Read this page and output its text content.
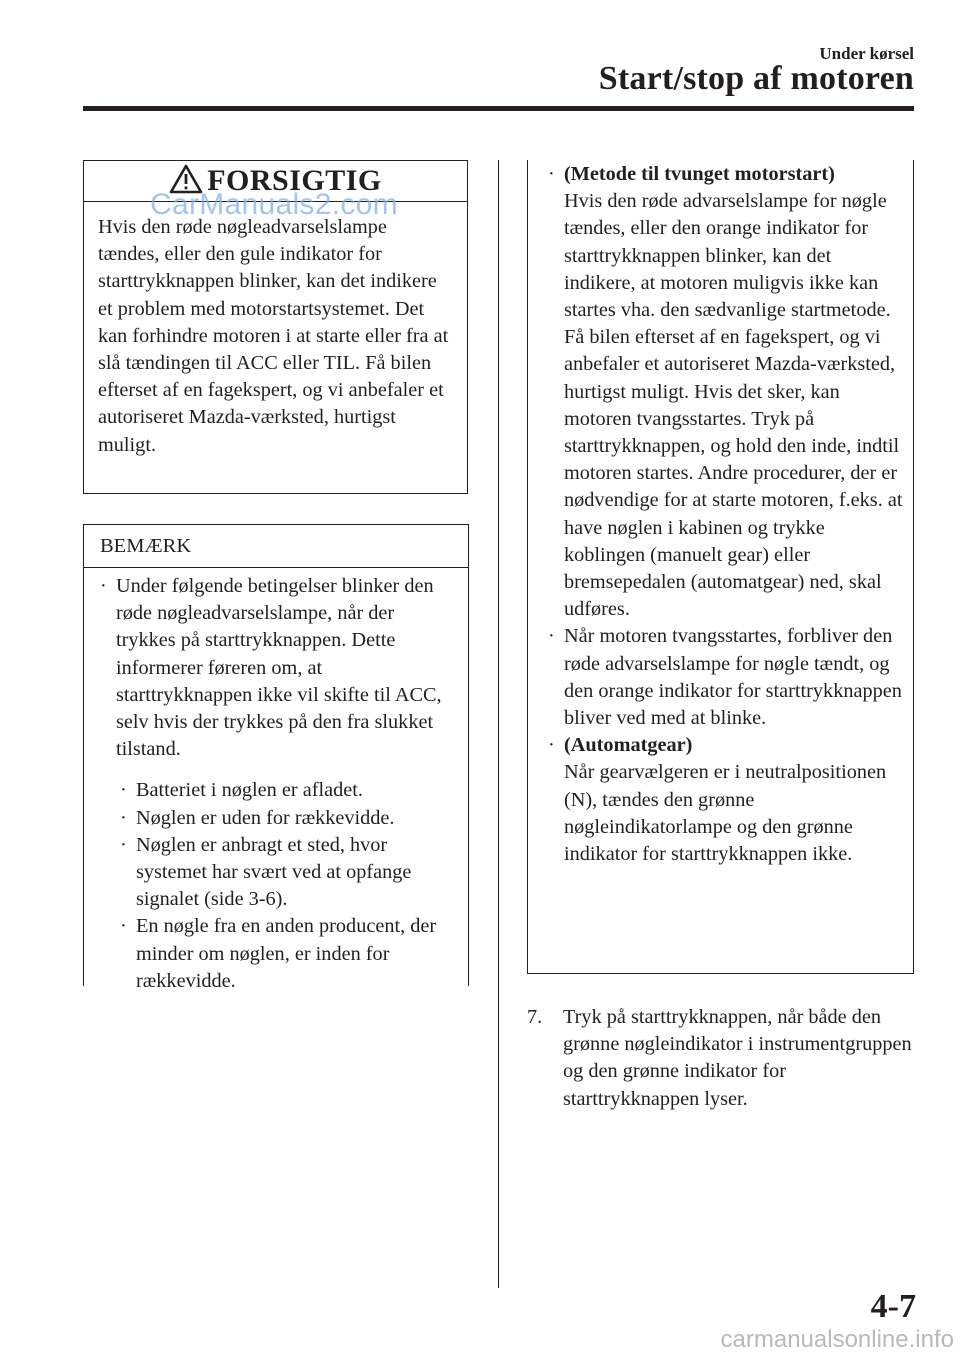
Under kørsel
Start/stop af motoren
FORSIGTIG
Hvis den røde nøgleadvarselslampe tændes, eller den gule indikator for starttrykknappen blinker, kan det indikere et problem med motorstartsystemet. Det kan forhindre motoren i at starte eller fra at slå tændingen til ACC eller TIL. Få bilen efterset af en fagekspert, og vi anbefaler et autoriseret Mazda-værksted, hurtigst muligt.
CarManuals2.com
BEMÆRK
· Under følgende betingelser blinker den røde nøgleadvarselslampe, når der trykkes på starttrykknappen. Dette informerer føreren om, at starttrykknappen ikke vil skifte til ACC, selv hvis der trykkes på den fra slukket tilstand.
· Batteriet i nøglen er afladet.
· Nøglen er uden for rækkevidde.
· Nøglen er anbragt et sted, hvor systemet har svært ved at opfange signalet (side 3-6).
· En nøgle fra en anden producent, der minder om nøglen, er inden for rækkevidde.
· (Metode til tvunget motorstart)
Hvis den røde advarselslampe for nøgle tændes, eller den orange indikator for starttrykknappen blinker, kan det indikere, at motoren muligvis ikke kan startes vha. den sædvanlige startmetode. Få bilen efterset af en fagekspert, og vi anbefaler et autoriseret Mazda-værksted, hurtigst muligt. Hvis det sker, kan motoren tvangsstartes. Tryk på starttrykknappen, og hold den inde, indtil motoren startes. Andre procedurer, der er nødvendige for at starte motoren, f.eks. at have nøglen i kabinen og trykke koblingen (manuelt gear) eller bremsepedalen (automatgear) ned, skal udføres.
· Når motoren tvangsstartes, forbliver den røde advarselslampe for nøgle tændt, og den orange indikator for starttrykknappen bliver ved med at blinke.
· (Automatgear)
Når gearvælgeren er i neutralpositionen (N), tændes den grønne nøgleindikatorlampe og den grønne indikator for starttrykknappen ikke.
7. Tryk på starttrykknappen, når både den grønne nøgleindikator i instrumentgruppen og den grønne indikator for starttrykknappen lyser.
4-7
carmanualsonline.info
